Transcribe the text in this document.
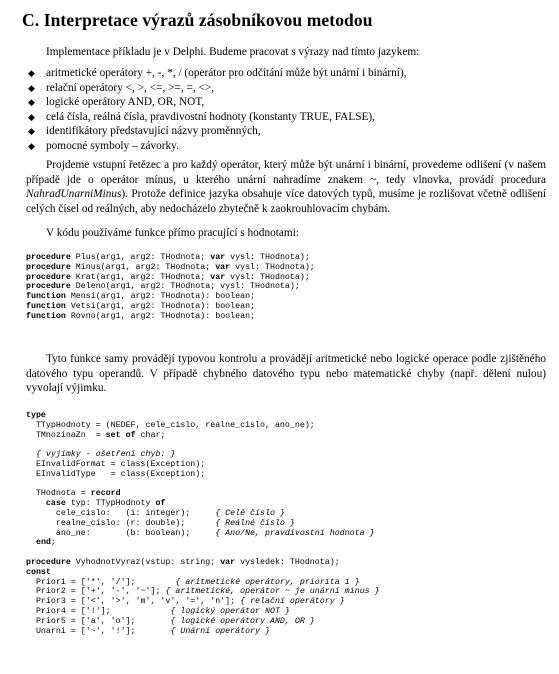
C. Interpretace výrazů zásobníkovou metodou

Implementace příkladu je v Delphi. Budeme pracovat s výrazy nad tímto jazykem:

◆ aritmetické operátory +, -, *, / (operátor pro odčítání může být unární i binární),
◆ relační operátory <, >, <=, >=, =, <>,
◆ logické operátory AND, OR, NOT,
◆ celá čísla, reálná čísla, pravdivostní hodnoty (konstanty TRUE, FALSE),
◆ identifikátory představující názvy proměnných,
◆ pomocné symboly – závorky.

Projdeme vstupní řetězec a pro každý operátor, který může být unární i binární, provedeme odlišení (v našem případě jde o operátor mínus, u kterého unární nahradíme znakem ~, tedy vlnovka, provádí procedura NahradUnarniMinus). Protože definice jazyka obsahuje více datových typů, musíme je rozlišovat včetně odlišení celých čísel od reálných, aby nedocházelo zbytečně k zaokrouhlovacím chybám.

V kódu používáme funkce přímo pracující s hodnotami:

procedure Plus(arg1, arg2: THodnota; var vysl: THodnota);
procedure Minus(arg1, arg2: THodnota; var vysl: THodnota);
procedure Krat(arg1, arg2: THodnota; var vysl: THodnota);
procedure Deleno(arg1, arg2: THodnota; vysl: THodnota);
function Mensi(arg1, arg2: THodnota): boolean;
function Vetsi(arg1, arg2: THodnota): boolean;
function Rovno(arg1, arg2: THodnota): boolean;

Tyto funkce samy provádějí typovou kontrolu a provádějí aritmetické nebo logické operace podle zjištěného datového typu operandů. V případě chybného datového typu nebo matematické chyby (např. dělení nulou) vyvolají výjimku.

type
TTypHodnoty = (NEDEF, cele_cislo, realne_cislo, ano_ne);
TMnozinaZn  = set of char;

{ vyjímky - ošetření chyb: }
EInvalidFormat = class(Exception);
EInvalidType   = class(Exception);

THodnota = record
case typ: TTypHodnoty of
cele_cislo:   (i: integer);     { Celé číslo }
realne_cislo: (r: double);      { Reálné číslo }
ano_ne:       (b: boolean);     { Ano/Ne, pravdivostní hodnota }
end;

procedure VyhodnotVyraz(vstup: string; var vysledek: THodnota);
const
Prior1 = ['*', '/'];        { aritmetické operátory, priorita 1 }
Prior2 = ['+', '-', '~']; { aritmetické, operátor ~ je unární minus }
Prior3 = ['<', '>', 'm', 'v', '=', 'n']; { relační operátory }
Prior4 = ['!'];            { logický operátor NOT }
Prior5 = ['a', 'o'];       { logické operátory AND, OR }
Unarni = ['~', '!'];       { Unární operátory }
